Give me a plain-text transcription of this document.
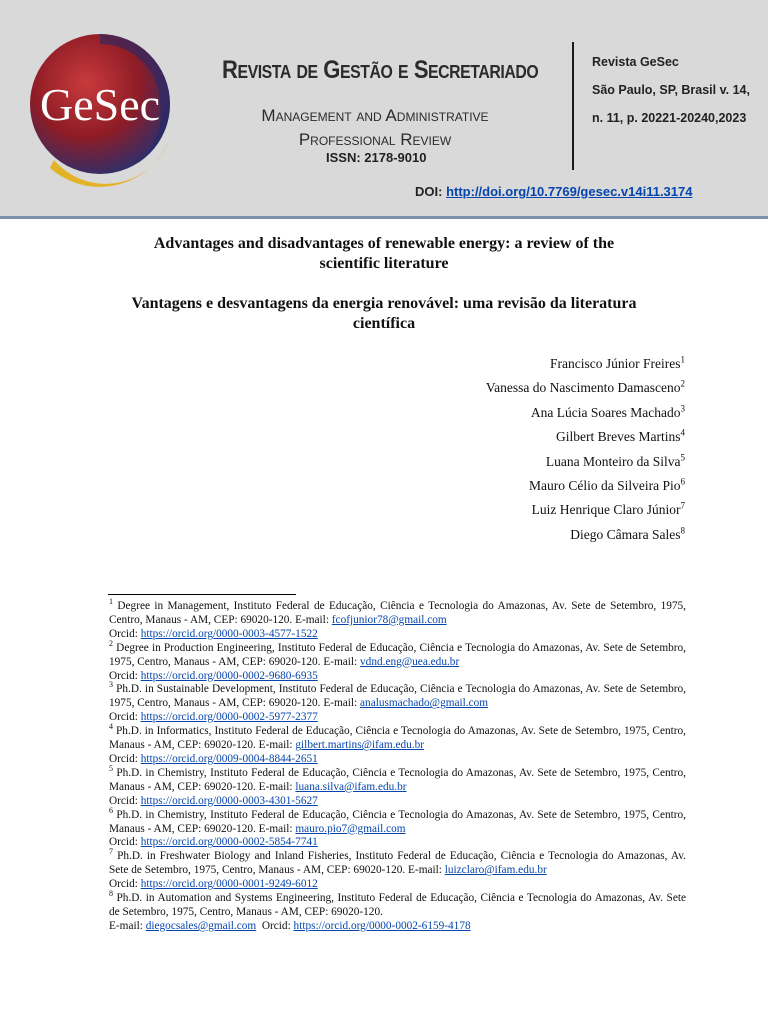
GeSec
Revista de Gestão e Secretariado
Management and Administrative
Professional Review
ISSN: 2178-9010
Revista GeSec
São Paulo, SP, Brasil v. 14,
n. 11, p. 20221-20240,2023
DOI: http://doi.org/10.7769/gesec.v14i11.3174
Advantages and disadvantages of renewable energy: a review of the
scientific literature
Vantagens e desvantagens da energia renovável: uma revisão da literatura
científica
Francisco Júnior Freires$^1$
Vanessa do Nascimento Damasceno$^2$
Ana Lúcia Soares Machado$^3$
Gilbert Breves Martins$^4$
Luana Monteiro da Silva$^5$
Mauro Célio da Silveira Pio$^6$
Luiz Henrique Claro Júnior$^7$
Diego Câmara Sales$^8$
$^1$ Degree in Management, Instituto Federal de Educação, Ciência e Tecnologia do Amazonas, Av. Sete de Setembro, 1975, Centro, Manaus - AM, CEP: 69020-120. E-mail: fcofjunior78@gmail.com
Orcid: https://orcid.org/0000-0003-4577-1522
$^2$ Degree in Production Engineering, Instituto Federal de Educação, Ciência e Tecnologia do Amazonas, Av. Sete de Setembro, 1975, Centro, Manaus - AM, CEP: 69020-120. E-mail: vdnd.eng@uea.edu.br
Orcid: https://orcid.org/0000-0002-9680-6935
$^3$ Ph.D. in Sustainable Development, Instituto Federal de Educação, Ciência e Tecnologia do Amazonas, Av. Sete de Setembro, 1975, Centro, Manaus - AM, CEP: 69020-120. E-mail: analusmachado@gmail.com
Orcid: https://orcid.org/0000-0002-5977-2377
$^4$ Ph.D. in Informatics, Instituto Federal de Educação, Ciência e Tecnologia do Amazonas, Av. Sete de Setembro, 1975, Centro, Manaus - AM, CEP: 69020-120. E-mail: gilbert.martins@ifam.edu.br
Orcid: https://orcid.org/0009-0004-8844-2651
$^5$ Ph.D. in Chemistry, Instituto Federal de Educação, Ciência e Tecnologia do Amazonas, Av. Sete de Setembro, 1975, Centro, Manaus - AM, CEP: 69020-120. E-mail: luana.silva@ifam.edu.br
Orcid: https://orcid.org/0000-0003-4301-5627
$^6$ Ph.D. in Chemistry, Instituto Federal de Educação, Ciência e Tecnologia do Amazonas, Av. Sete de Setembro, 1975, Centro, Manaus - AM, CEP: 69020-120. E-mail: mauro.pio7@gmail.com
Orcid: https://orcid.org/0000-0002-5854-7741
$^7$ Ph.D. in Freshwater Biology and Inland Fisheries, Instituto Federal de Educação, Ciência e Tecnologia do Amazonas, Av. Sete de Setembro, 1975, Centro, Manaus - AM, CEP: 69020-120. E-mail: luizclaro@ifam.edu.br
Orcid: https://orcid.org/0000-0001-9249-6012
$^8$ Ph.D. in Automation and Systems Engineering, Instituto Federal de Educação, Ciência e Tecnologia do Amazonas, Av. Sete de Setembro, 1975, Centro, Manaus - AM, CEP: 69020-120.
E-mail: diegocsales@gmail.com  Orcid: https://orcid.org/0000-0002-6159-4178
